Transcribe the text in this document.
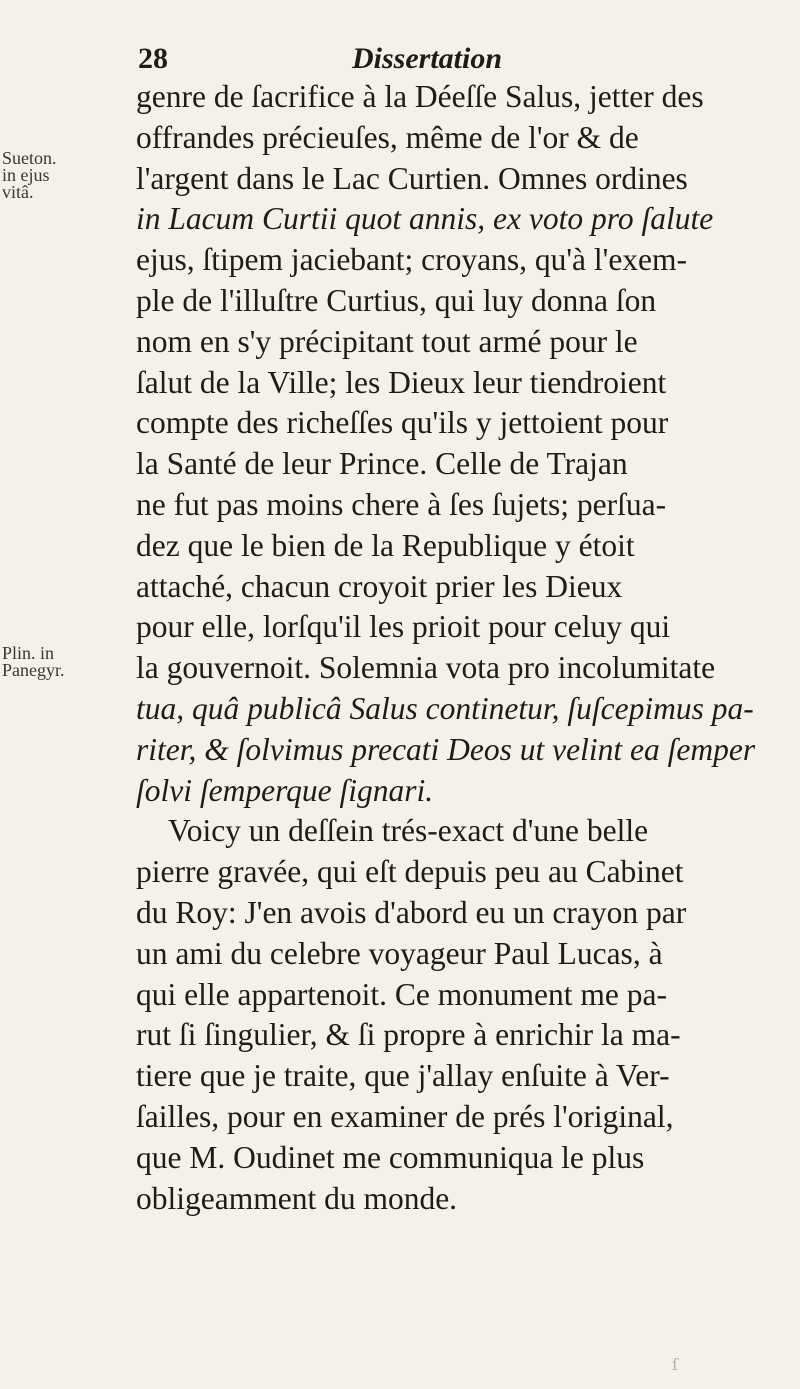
28	Dissertation
Sueton.
in ejus
vitâ.
Plin. in
Panegyr.
genre de ſacrifice à la Déeſſe Salus, jetter des
offrandes précieuſes, même de l'or & de
l'argent dans le Lac Curtien. Omnes ordines
in Lacum Curtii quot annis, ex voto pro ſalute
ejus, ſtipem jaciebant; croyans, qu'à l'exem-
ple de l'illuſtre Curtius, qui luy donna ſon
nom en s'y précipitant tout armé pour le
ſalut de la Ville; les Dieux leur tiendroient
compte des richeſſes qu'ils y jettoient pour
la Santé de leur Prince. Celle de Trajan
ne fut pas moins chere à ſes ſujets; perſua-
dez que le bien de la Republique y étoit
attaché, chacun croyoit prier les Dieux
pour elle, lorſqu'il les prioit pour celuy qui
la gouvernoit. Solemnia vota pro incolumitate
tua, quâ publicâ Salus continetur, ſuſcepimus pa-
riter, & ſolvimus precati Deos ut velint ea ſemper
ſolvi ſemperque ſignari.
Voicy un deſſein trés-exact d'une belle
pierre gravée, qui eſt depuis peu au Cabinet
du Roy: J'en avois d'abord eu un crayon par
un ami du celebre voyageur Paul Lucas, à
qui elle appartenoit. Ce monument me pa-
rut ſi ſingulier, & ſi propre à enrichir la ma-
tiere que je traite, que j'allay enſuite à Ver-
ſailles, pour en examiner de prés l'original,
que M. Oudinet me communiqua le plus
obligeamment du monde.
ſ
